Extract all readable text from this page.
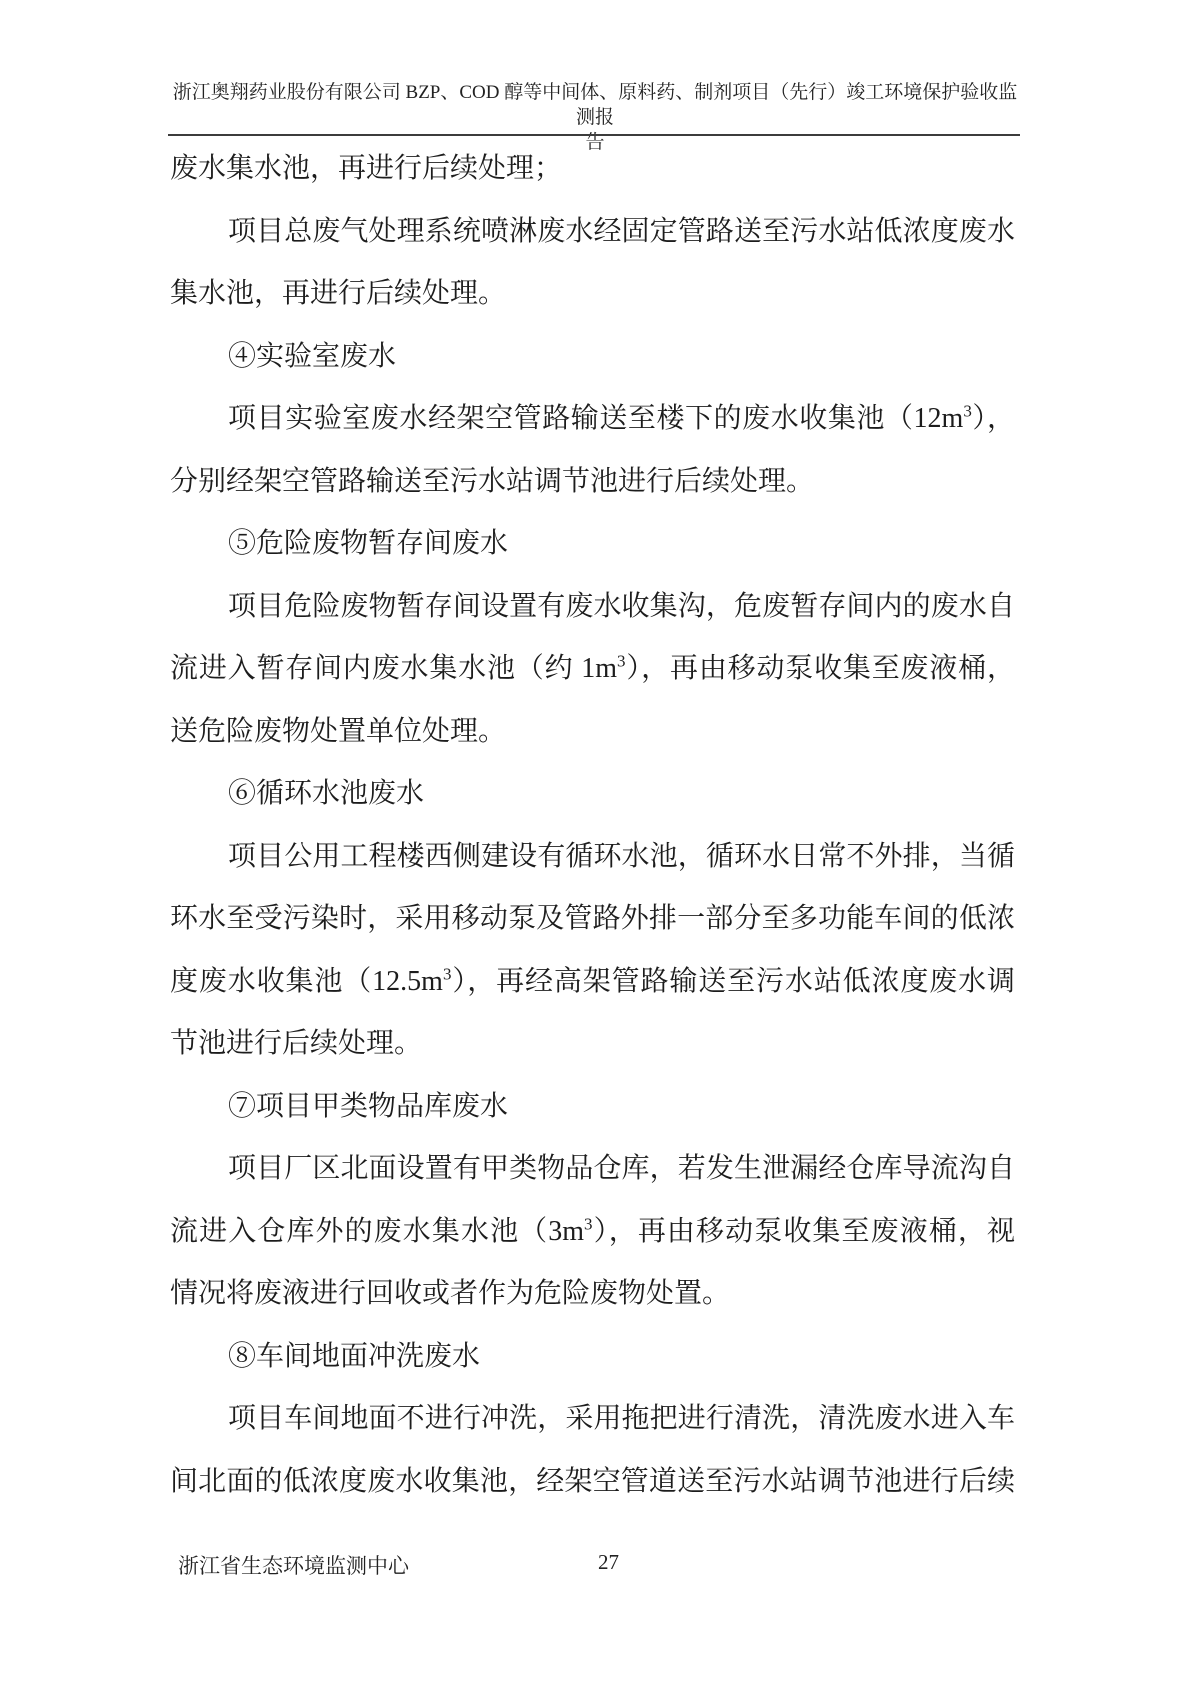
浙江奥翔药业股份有限公司 BZP、COD 醇等中间体、原料药、制剂项目（先行）竣工环境保护验收监测报
告
废水集水池，再进行后续处理；
项目总废气处理系统喷淋废水经固定管路送至污水站低浓度废水
集水池，再进行后续处理。
④实验室废水
项目实验室废水经架空管路输送至楼下的废水收集池$(12m^3)$，
分别经架空管路输送至污水站调节池进行后续处理。
⑤危险废物暂存间废水
项目危险废物暂存间设置有废水收集沟，危废暂存间内的废水自
流进入暂存间内废水集水池（约 $1m^3$），再由移动泵收集至废液桶，
送危险废物处置单位处理。
⑥循环水池废水
项目公用工程楼西侧建设有循环水池，循环水日常不外排，当循
环水至受污染时，采用移动泵及管路外排一部分至多功能车间的低浓
度废水收集池$(12.5m^3)$，再经高架管路输送至污水站低浓度废水调
节池进行后续处理。
⑦项目甲类物品库废水
项目厂区北面设置有甲类物品仓库，若发生泄漏经仓库导流沟自
流进入仓库外的废水集水池$(3m^3)$，再由移动泵收集至废液桶，视
情况将废液进行回收或者作为危险废物处置。
⑧车间地面冲洗废水
项目车间地面不进行冲洗，采用拖把进行清洗，清洗废水进入车
间北面的低浓度废水收集池，经架空管道送至污水站调节池进行后续
浙江省生态环境监测中心	27
